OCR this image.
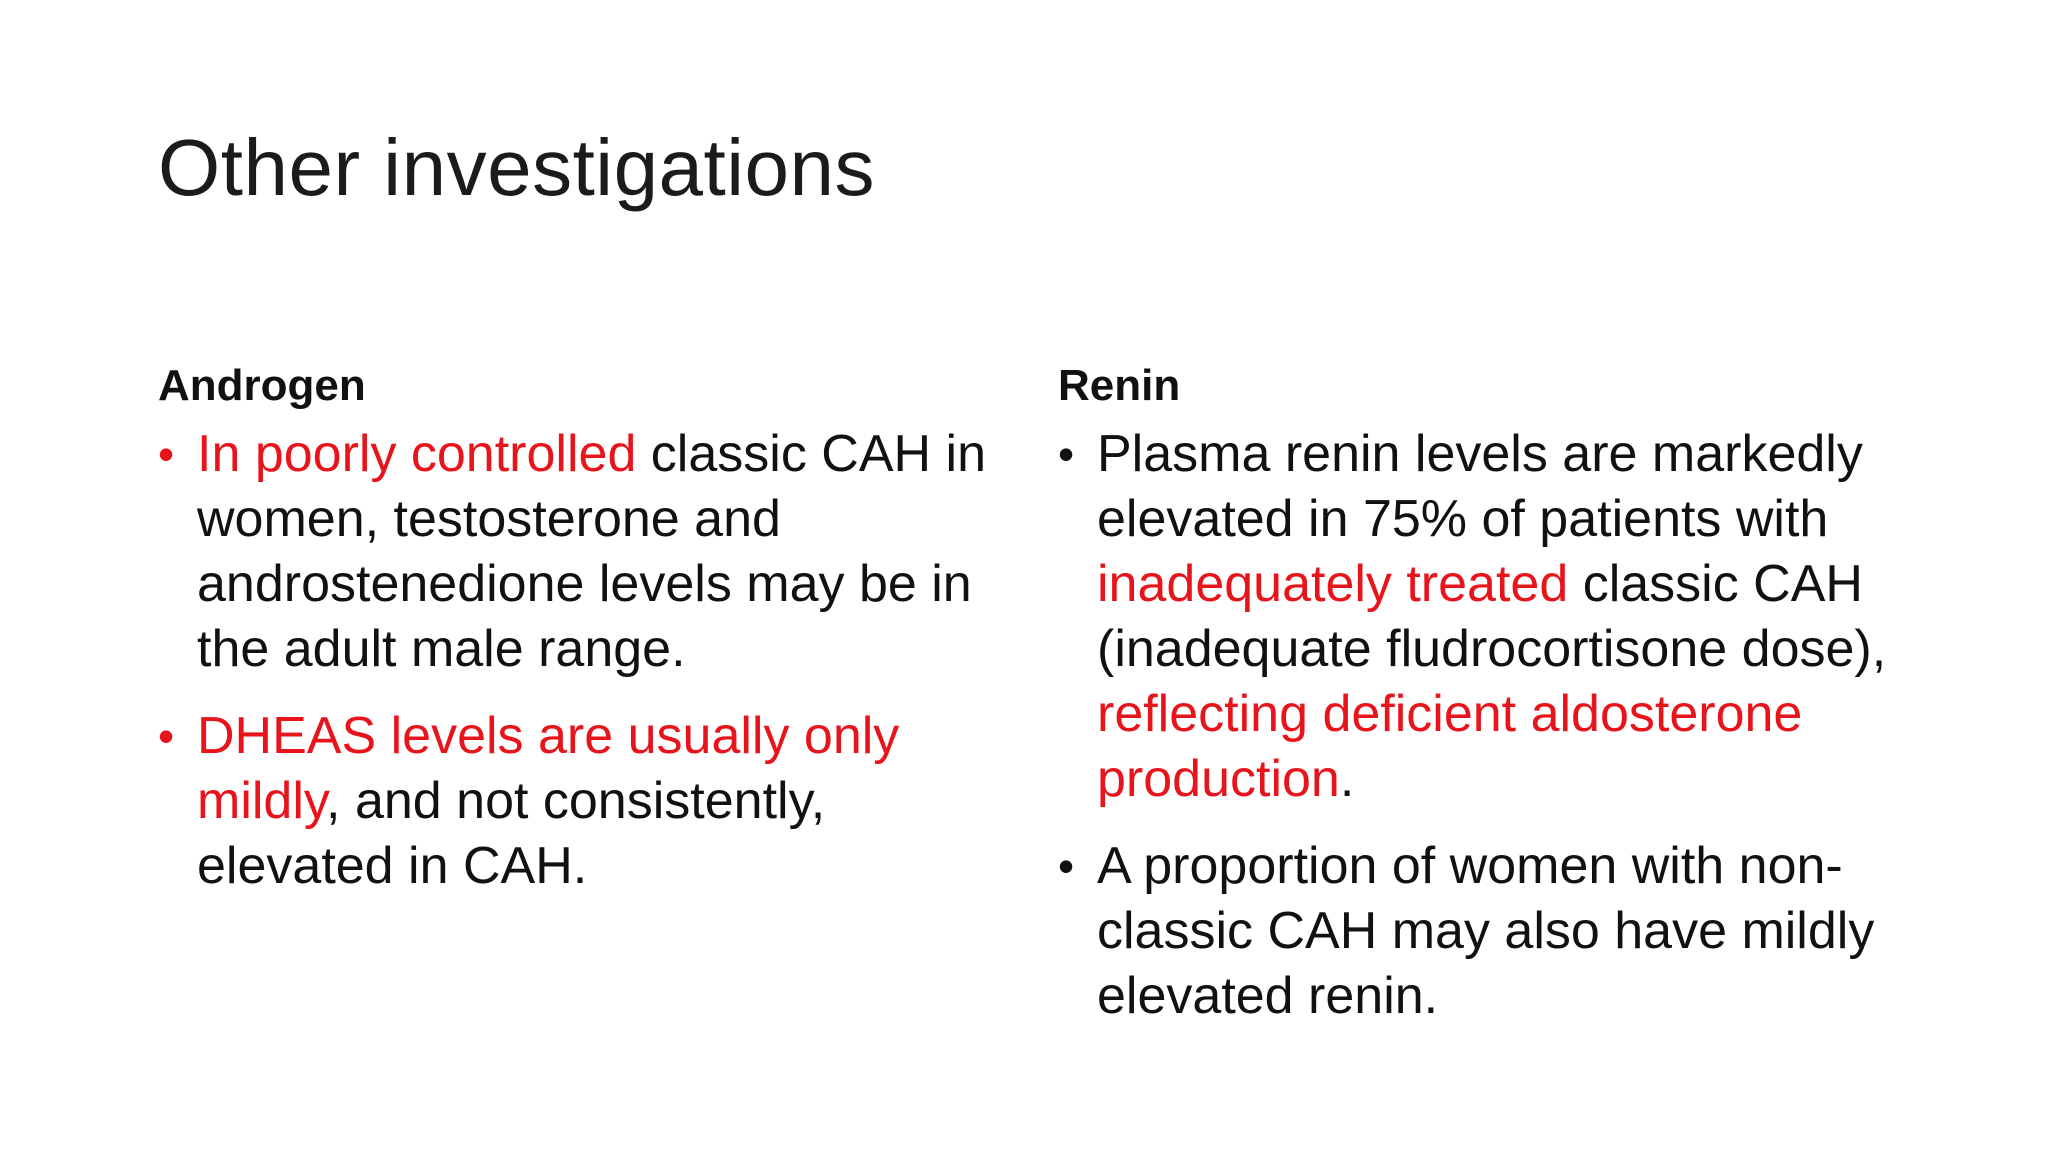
Other investigations
Androgen
• In poorly controlled classic CAH in women, testosterone and androstenedione levels may be in the adult male range.
• DHEAS levels are usually only mildly, and not consistently, elevated in CAH.
Renin
• Plasma renin levels are markedly elevated in 75% of patients with inadequately treated classic CAH (inadequate fludrocortisone dose), reflecting deficient aldosterone production.
• A proportion of women with non-classic CAH may also have mildly elevated renin.
